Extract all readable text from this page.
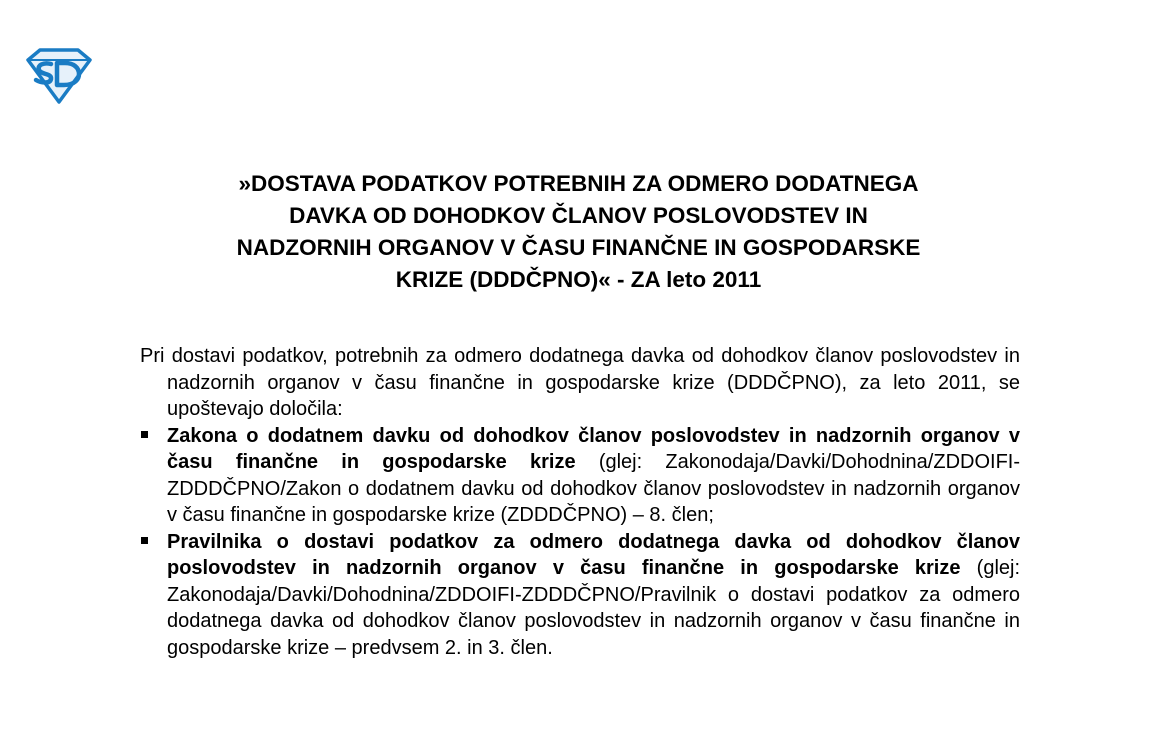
»DOSTAVA PODATKOV POTREBNIH ZA ODMERO DODATNEGA
DAVKA OD DOHODKOV ČLANOV POSLOVODSTEV IN
NADZORNIH ORGANOV V ČASU FINANČNE IN GOSPODARSKE
KRIZE (DDDČPNO)« - ZA leto 2011

Pri dostavi podatkov, potrebnih za odmero dodatnega davka od dohodkov članov poslovodstev in nadzornih organov v času finančne in gospodarske krize (DDDČPNO), za leto 2011, se upoštevajo določila:

Zakona o dodatnem davku od dohodkov članov poslovodstev in nadzornih organov v času finančne in gospodarske krize (glej: Zakonodaja/Davki/Dohodnina/ZDDOIFI-ZDDDČPNO/Zakon o dodatnem davku od dohodkov članov poslovodstev in nadzornih organov v času finančne in gospodarske krize (ZDDDČPNO) – 8. člen;
Pravilnika o dostavi podatkov za odmero dodatnega davka od dohodkov članov poslovodstev in nadzornih organov v času finančne in gospodarske krize (glej: Zakonodaja/Davki/Dohodnina/ZDDOIFI-ZDDDČPNO/Pravilnik o dostavi podatkov za odmero dodatnega davka od dohodkov članov poslovodstev in nadzornih organov v času finančne in gospodarske krize – predvsem 2. in 3. člen.
